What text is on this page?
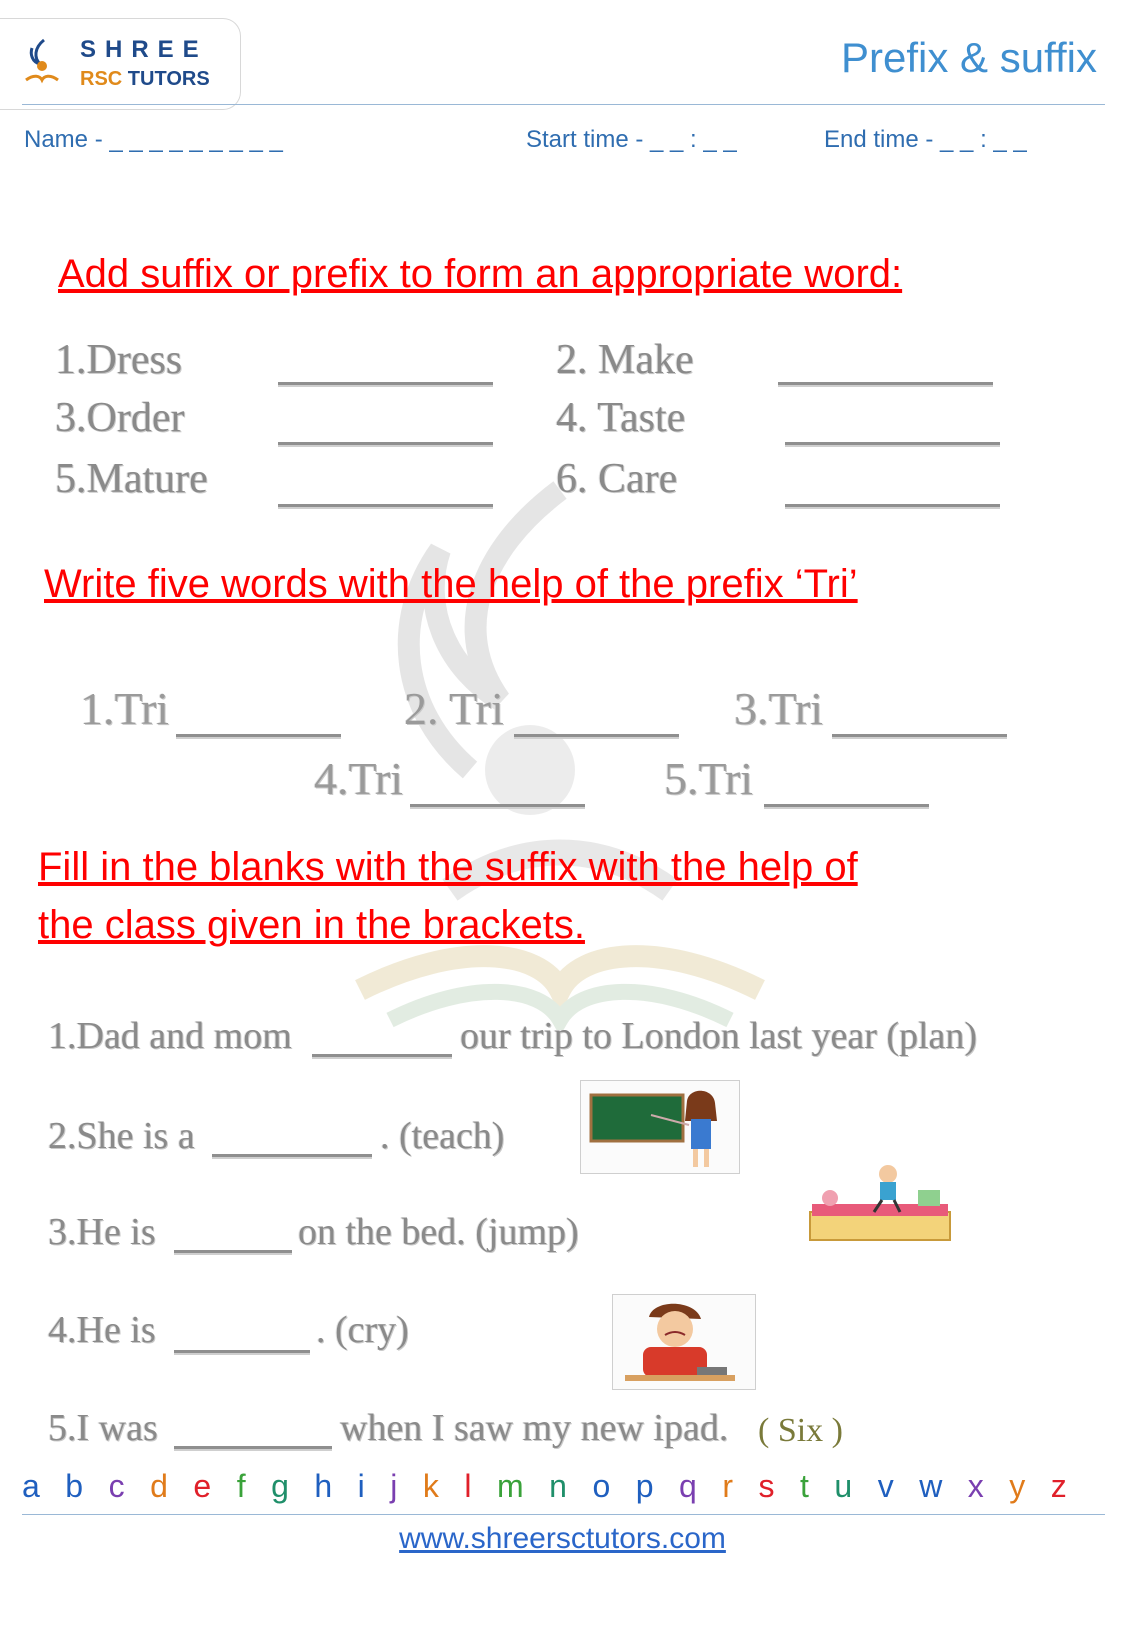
SHREE
RSC TUTORS	Prefix & suffix
Name - _ _ _ _ _ _ _ _ _	Start time - _ _ : _ _	End time - _ _ : _ _
Add suffix or prefix to form an appropriate word:
1.Dress	2. Make
3.Order	4. Taste
5.Mature	6. Care
Write five words with the help of the prefix ‘Tri’
1.Tri	2. Tri	3.Tri
4.Tri	5.Tri
Fill in the blanks with the suffix with the help of
the class given in the brackets.
1.Dad and mom	our trip to London last year (plan)
2.She is a	. (teach)
3.He is	on the bed. (jump)
4.He is	. (cry)
5.I was	when I saw my new ipad. ( Six )
a b c d e f g h i j k l m n o p q r s t u v w x y z
www.shreersctutors.com
